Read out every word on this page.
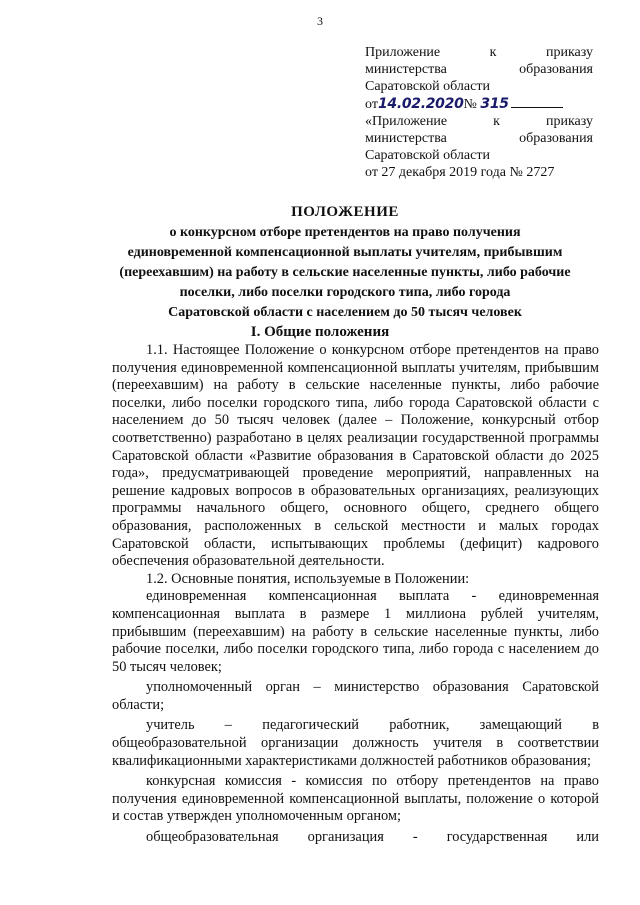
3
Приложение к приказу
министерства образования
Саратовской области
от14.02.2020№ 315
«Приложение к приказу
министерства образования
Саратовской области
от 27 декабря 2019 года № 2727
ПОЛОЖЕНИЕ
о конкурсном отборе претендентов на право получения
единовременной компенсационной выплаты учителям, прибывшим
(переехавшим) на работу в сельские населенные пункты, либо рабочие
поселки, либо поселки городского типа, либо города
Саратовской области с населением до 50 тысяч человек
I. Общие положения

1.1. Настоящее Положение о конкурсном отборе претендентов на право получения единовременной компенсационной выплаты учителям, прибывшим (переехавшим) на работу в сельские населенные пункты, либо рабочие поселки, либо поселки городского типа, либо города Саратовской области с населением до 50 тысяч человек (далее – Положение, конкурсный отбор соответственно) разработано в целях реализации государственной программы Саратовской области «Развитие образования в Саратовской области до 2025 года», предусматривающей проведение мероприятий, направленных на решение кадровых вопросов в образовательных организациях, реализующих программы начального общего, основного общего, среднего общего образования, расположенных в сельской местности и малых городах Саратовской области, испытывающих проблемы (дефицит) кадрового обеспечения образовательной деятельности.

1.2. Основные понятия, используемые в Положении:

единовременная компенсационная выплата - единовременная компенсационная выплата в размере 1 миллиона рублей учителям, прибывшим (переехавшим) на работу в сельские населенные пункты, либо рабочие поселки, либо поселки городского типа, либо города с населением до 50 тысяч человек;

уполномоченный орган – министерство образования Саратовской области;

учитель – педагогический работник, замещающий в общеобразовательной организации должность учителя в соответствии квалификационными характеристиками должностей работников образования;

конкурсная комиссия - комиссия по отбору претендентов на право получения единовременной компенсационной выплаты, положение о которой и состав утвержден уполномоченным органом;

общеобразовательная организация - государственная или
